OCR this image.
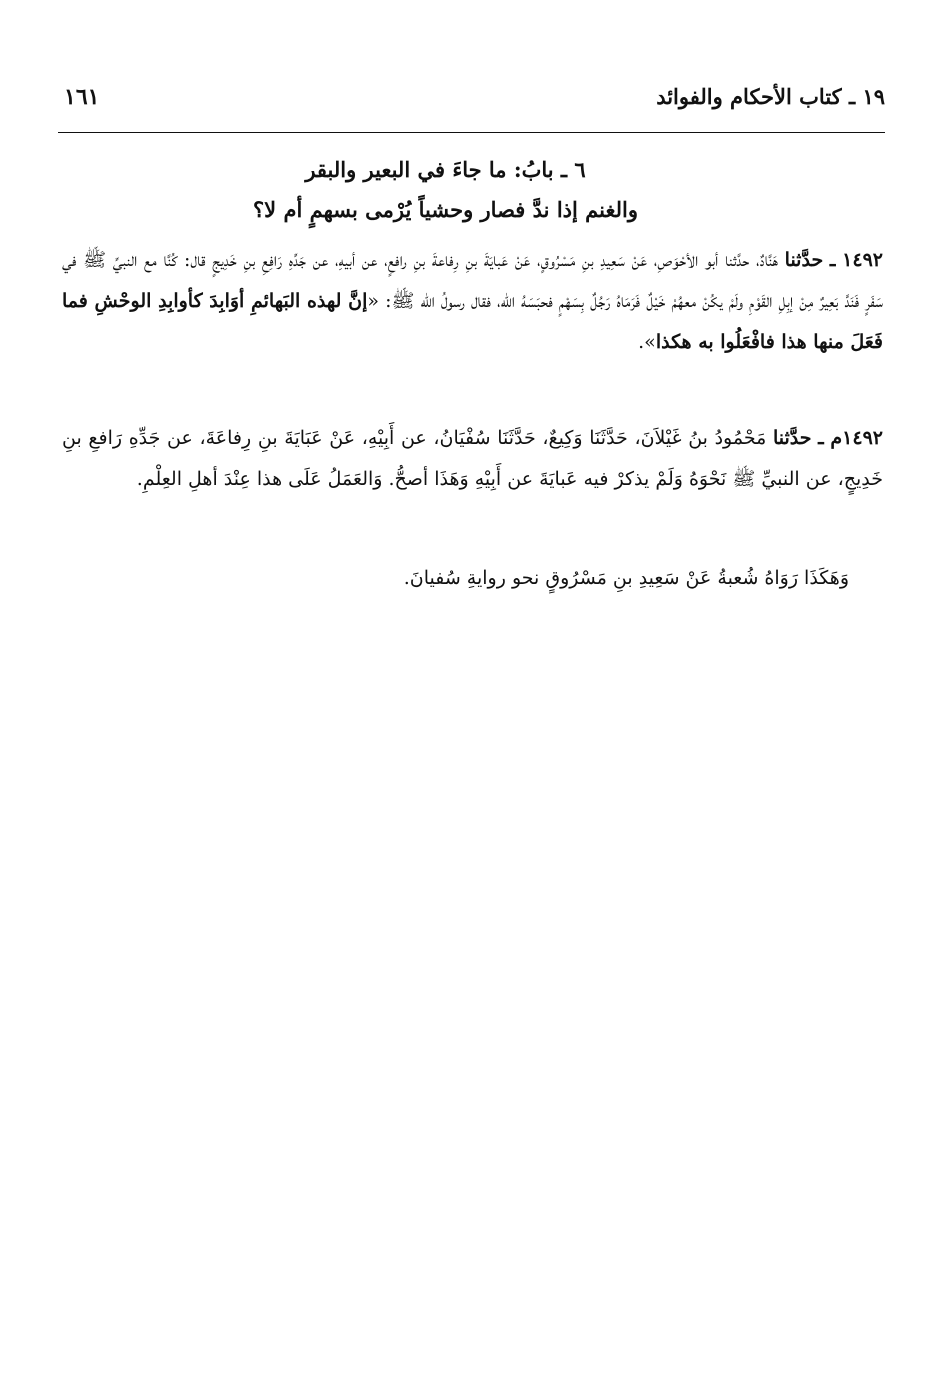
١٩ ـ كتاب الأحكام والفوائد
١٦١
٦ ـ بابُ: ما جاءَ في البعير والبقر
والغنم إذا ندَّ فصار وحشياً يُرْمى بسهمٍ أم لا؟
١٤٩٢ ـ حدَّثنا هَنَّادٌ، حدَّثنا أبو الأحْوَصِ، عَنْ سَعِيدِ بنِ مَسْرُوقٍ، عَنْ عَبايَةَ بنِ رِفاعةَ بنِ رافعٍ، عن أبيهِ، عن جَدِّهِ رَافِعِ بنِ خَدِيجٍ قال: كُنَّا مع النبيِّ ﷺ في سَفَرٍ فَنَدَّ بَعِيرٌ مِنْ إبِلِ القَوْمِ ولَمْ يكُنْ معهُمْ خَيْلٌ فَرَمَاهُ رَجُلٌ بِسَهْمٍ فحبَسَهُ الله، فقال رسولُ الله ﷺ: «إنَّ لهذه البَهائمِ أوَابِدَ كأوابِدِ الوحْشِ فما فَعَلَ منها هذا فافْعَلُوا به هكذا».
١٤٩٢م ـ حدَّثنا مَحْمُودُ بنُ غَيْلاَنَ، حَدَّثَنَا وَكِيعٌ، حَدَّثَنَا سُفْيَانُ، عن أَبِيْهِ، عَنْ عَبَايَةَ بنِ رِفاعَةَ، عن جَدِّهِ رَافعِ بنِ خَدِيجٍ، عن النبيِّ ﷺ نَحْوَهُ وَلَمْ يذكرْ فيه عَبايَةَ عن أَبِيْهِ وَهَذَا أصحُّ. وَالعَمَلُ عَلَى هذا عِنْدَ أهلِ العِلْمِ.
وَهَكَذَا رَوَاهُ شُعبةُ عَنْ سَعِيدِ بنِ مَسْرُوقٍ نحو روايةِ سُفيانَ.
